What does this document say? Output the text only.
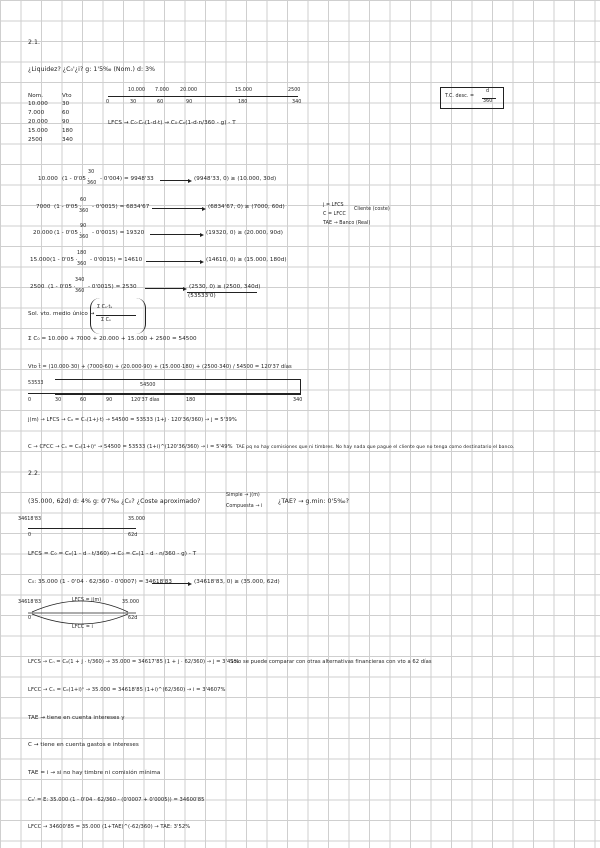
2.1.
¿Liquidez? ¿C₀'¿i? g: 1'5‰ (Nom.) d: 3%
Nom.	Vto
10.000	30
7.000	60
20.000	90
15.000	180
2500	340
10.000 7.000 20.000	15.000	2500
0	30	60	90	180	340
LFCS → C₀·Cₙ(1-d·t) → C₀·Cₙ(1-d·n/360 - g) - T
T.C. desc. =
d
360
10.000 (1 - 0'05 ·
30
360
- 0'004) = 9948'33	(9948'33, 0) ≥ (10.000, 30d)
7000 (1 - 0'05 ·
60
360
- 0'0015) = 6834'67	(6834'67, 0) ≥ (7000, 60d)
20.000 (1 - 0'05 ·
90
360
- 0'0015) = 19320	(19320, 0) ≥ (20.000, 90d)
15.000 (1 - 0'05 ·
180
360
- 0'0015) = 14610	(14610, 0) ≥ (15.000, 180d)
2500 (1 - 0'05 ·
340
360
- 0'0015) = 2530	(2530, 0) ≥ (2500, 340d)
(53533'0)
j = LFCS
C = LFCC
TAE → Banco (Real)
Cliente (coste)
Sol. vto. medio único →
Σ Cₛ·tₛ
Σ Cₛ
Σ C₀ = 10.000 + 7000 + 20.000 + 15.000 + 2500 = 54500
Vto t̄ = (10.000·30) + (7000·60) + (20.000·90) + (15.000·180) + (2500·340) / 54500 = 120'37 días
53533	54500
0	30	60	90	120'37 días	180	340
j(m) → LFCS → C₀ = Cₙ(1+j·t) → 54500 = 53533 (1+j · 120'36/360) → j = 5'39%
C → CFCC → Cₙ = C₀(1+i)ⁿ → 54500 = 53533 (1+i)^(120'36/360) → i = 5'49% TAE pq no hay comisiones que ni timbres. No hay nada que pague el cliente que no tenga como destinatario el banco.
2.2.
(35.000, 62d) d: 4% g: 0'7‰ ¿C₀? ¿Coste aproximado?
Simple → j(m)
Compuesta → i
¿TAE? → g.min: 0'5‰?
34618'83	35.000
0	62d
LFCS = C₀ = Cₙ(1 - d · t/360) → C₀ = Cₙ(1 - d · n/360 - g) - T
C₀: 35.000 (1 - 0'04 · 62/360 - 0'0007) = 34618'83	(34618'83, 0) ≥ (35.000, 62d)
34618'83	35.000
LFCS = j(m)
LFCC = i
0	62d
LFCS → Cₙ = C₀(1 + j · t/360) → 35.000 = 34617'85 (1 + j · 62/360) → j = 3'41%
Solo se puede comparar con otras alternativas financieras con vto a 62 días
LFCC → Cₙ = C₀(1+i)ⁿ → 35.000 = 34618'85 (1+i)^(62/360) → i = 3'4607%
TAE → tiene en cuenta intereses y
C → tiene en cuenta gastos e intereses
TAE = i → si no hay timbre ni comisión mínima
C₀' = E: 35.000 (1 - 0'04 · 62/360 - (0'0007 + 0'0005)) = 34600'85
LFCC → 34600'85 = 35.000 (1+TAE)^(-62/360) → TAE: 3'52%
